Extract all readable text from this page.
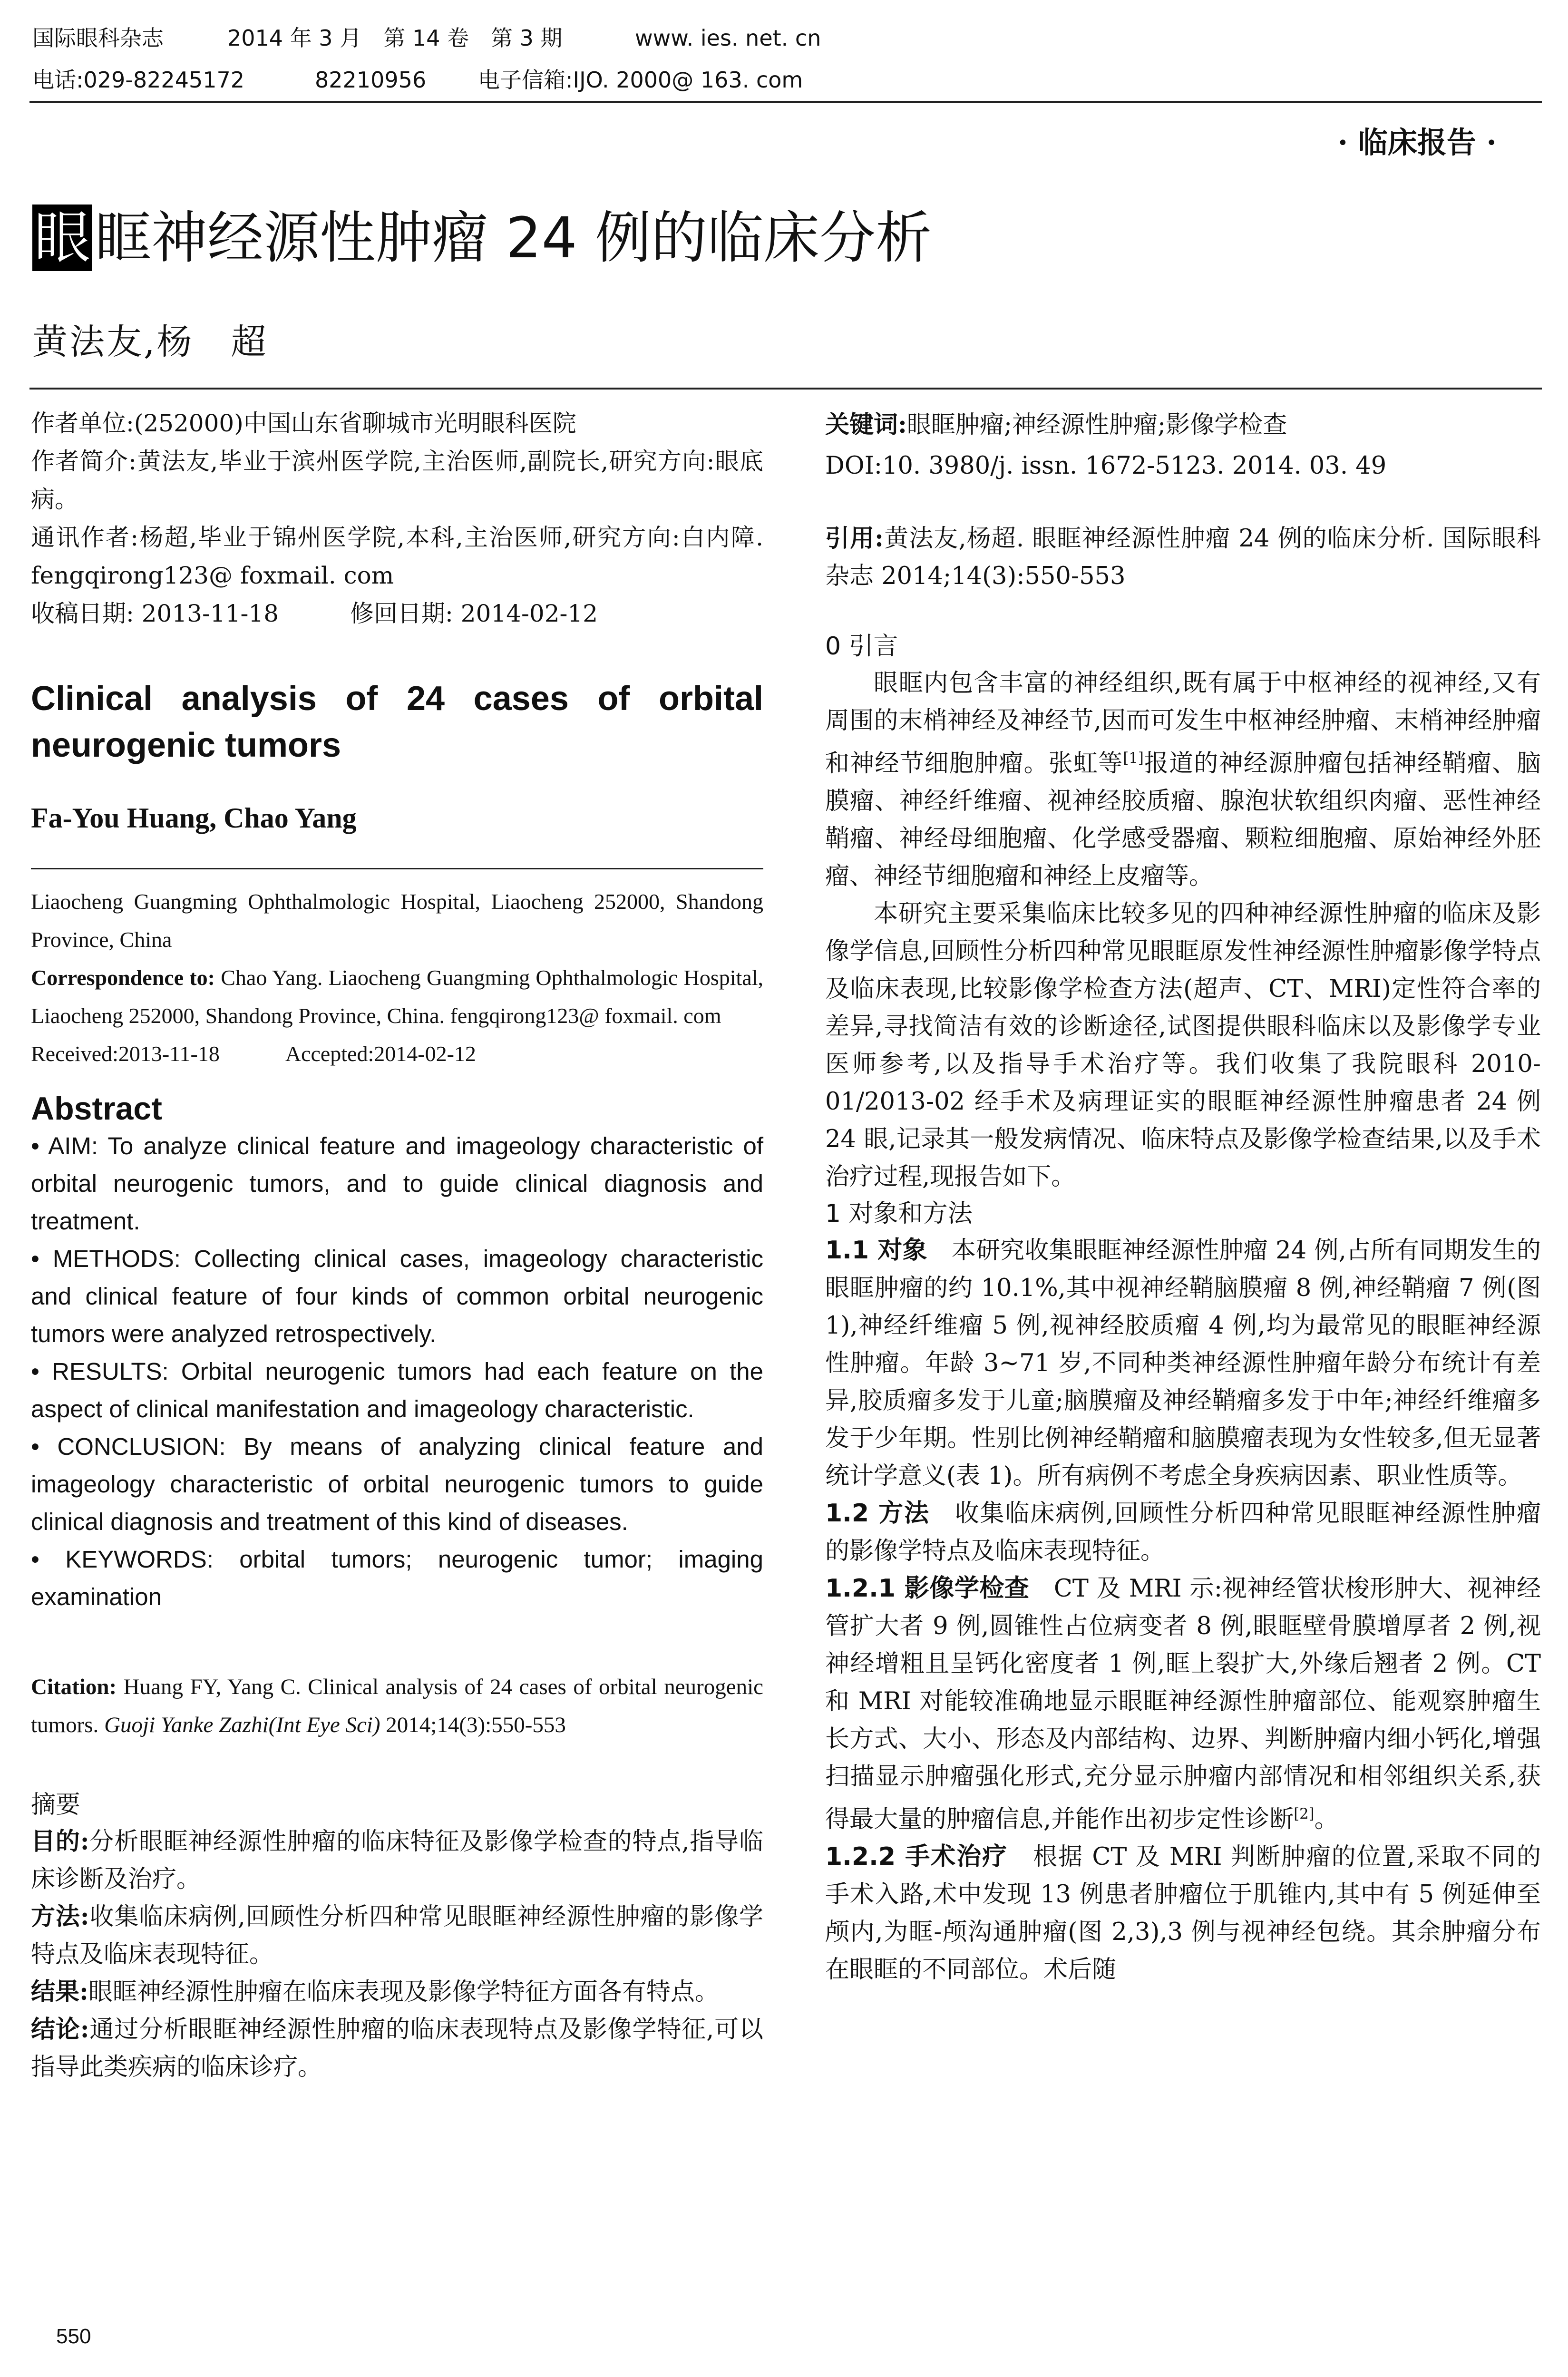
国际眼科杂志	2014 年 3 月　第 14 卷　第 3 期	www. ies. net. cn
电话:029-82245172	82210956 电子信箱:IJO. 2000@ 163. com
· 临床报告 ·
眼眶神经源性肿瘤 24 例的临床分析
黄法友,杨　超

作者单位:(252000)中国山东省聊城市光明眼科医院

作者简介:黄法友,毕业于滨州医学院,主治医师,副院长,研究方向:眼底病。

通讯作者:杨超,毕业于锦州医学院,本科,主治医师,研究方向:白内障. fengqirong123@ foxmail. com

收稿日期: 2013-11-18　　　修回日期: 2014-02-12

Clinical analysis of 24 cases of orbital neurogenic tumors

Fa-You Huang, Chao Yang

Liaocheng Guangming Ophthalmologic Hospital, Liaocheng 252000, Shandong Province, China

Correspondence to: Chao Yang. Liaocheng Guangming Ophthalmologic Hospital, Liaocheng 252000, Shandong Province, China. fengqirong123@ foxmail. com

Received:2013-11-18　　　Accepted:2014-02-12

Abstract

• AIM: To analyze clinical feature and imageology characteristic of orbital neurogenic tumors, and to guide clinical diagnosis and treatment.

• METHODS: Collecting clinical cases, imageology characteristic and clinical feature of four kinds of common orbital neurogenic tumors were analyzed retrospectively.

• RESULTS: Orbital neurogenic tumors had each feature on the aspect of clinical manifestation and imageology characteristic.

• CONCLUSION: By means of analyzing clinical feature and imageology characteristic of orbital neurogenic tumors to guide clinical diagnosis and treatment of this kind of diseases.

• KEYWORDS: orbital tumors; neurogenic tumor; imaging examination

Citation: Huang FY, Yang C. Clinical analysis of 24 cases of orbital neurogenic tumors. Guoji Yanke Zazhi(Int Eye Sci) 2014;14(3):550-553

摘要

目的:分析眼眶神经源性肿瘤的临床特征及影像学检查的特点,指导临床诊断及治疗。

方法:收集临床病例,回顾性分析四种常见眼眶神经源性肿瘤的影像学特点及临床表现特征。

结果:眼眶神经源性肿瘤在临床表现及影像学特征方面各有特点。

结论:通过分析眼眶神经源性肿瘤的临床表现特点及影像学特征,可以指导此类疾病的临床诊疗。

550

关键词:眼眶肿瘤;神经源性肿瘤;影像学检查

DOI:10. 3980/j. issn. 1672-5123. 2014. 03. 49

引用:黄法友,杨超. 眼眶神经源性肿瘤 24 例的临床分析. 国际眼科杂志 2014;14(3):550-553

0 引言

眼眶内包含丰富的神经组织,既有属于中枢神经的视神经,又有周围的末梢神经及神经节,因而可发生中枢神经肿瘤、末梢神经肿瘤和神经节细胞肿瘤。张虹等[1]报道的神经源肿瘤包括神经鞘瘤、脑膜瘤、神经纤维瘤、视神经胶质瘤、腺泡状软组织肉瘤、恶性神经鞘瘤、神经母细胞瘤、化学感受器瘤、颗粒细胞瘤、原始神经外胚瘤、神经节细胞瘤和神经上皮瘤等。

本研究主要采集临床比较多见的四种神经源性肿瘤的临床及影像学信息,回顾性分析四种常见眼眶原发性神经源性肿瘤影像学特点及临床表现,比较影像学检查方法(超声、CT、MRI)定性符合率的差异,寻找简洁有效的诊断途径,试图提供眼科临床以及影像学专业医师参考,以及指导手术治疗等。我们收集了我院眼科 2010-01/2013-02 经手术及病理证实的眼眶神经源性肿瘤患者 24 例 24 眼,记录其一般发病情况、临床特点及影像学检查结果,以及手术治疗过程,现报告如下。

1 对象和方法

1.1 对象　本研究收集眼眶神经源性肿瘤 24 例,占所有同期发生的眼眶肿瘤的约 10.1%,其中视神经鞘脑膜瘤 8 例,神经鞘瘤 7 例(图 1),神经纤维瘤 5 例,视神经胶质瘤 4 例,均为最常见的眼眶神经源性肿瘤。年龄 3~71 岁,不同种类神经源性肿瘤年龄分布统计有差异,胶质瘤多发于儿童;脑膜瘤及神经鞘瘤多发于中年;神经纤维瘤多发于少年期。性别比例神经鞘瘤和脑膜瘤表现为女性较多,但无显著统计学意义(表 1)。所有病例不考虑全身疾病因素、职业性质等。

1.2 方法　收集临床病例,回顾性分析四种常见眼眶神经源性肿瘤的影像学特点及临床表现特征。

1.2.1 影像学检查　CT 及 MRI 示:视神经管状梭形肿大、视神经管扩大者 9 例,圆锥性占位病变者 8 例,眼眶壁骨膜增厚者 2 例,视神经增粗且呈钙化密度者 1 例,眶上裂扩大,外缘后翘者 2 例。CT 和 MRI 对能较准确地显示眼眶神经源性肿瘤部位、能观察肿瘤生长方式、大小、形态及内部结构、边界、判断肿瘤内细小钙化,增强扫描显示肿瘤强化形式,充分显示肿瘤内部情况和相邻组织关系,获得最大量的肿瘤信息,并能作出初步定性诊断[2]。

1.2.2 手术治疗　根据 CT 及 MRI 判断肿瘤的位置,采取不同的手术入路,术中发现 13 例患者肿瘤位于肌锥内,其中有 5 例延伸至颅内,为眶-颅沟通肿瘤(图 2,3),3 例与视神经包绕。其余肿瘤分布在眼眶的不同部位。术后随
